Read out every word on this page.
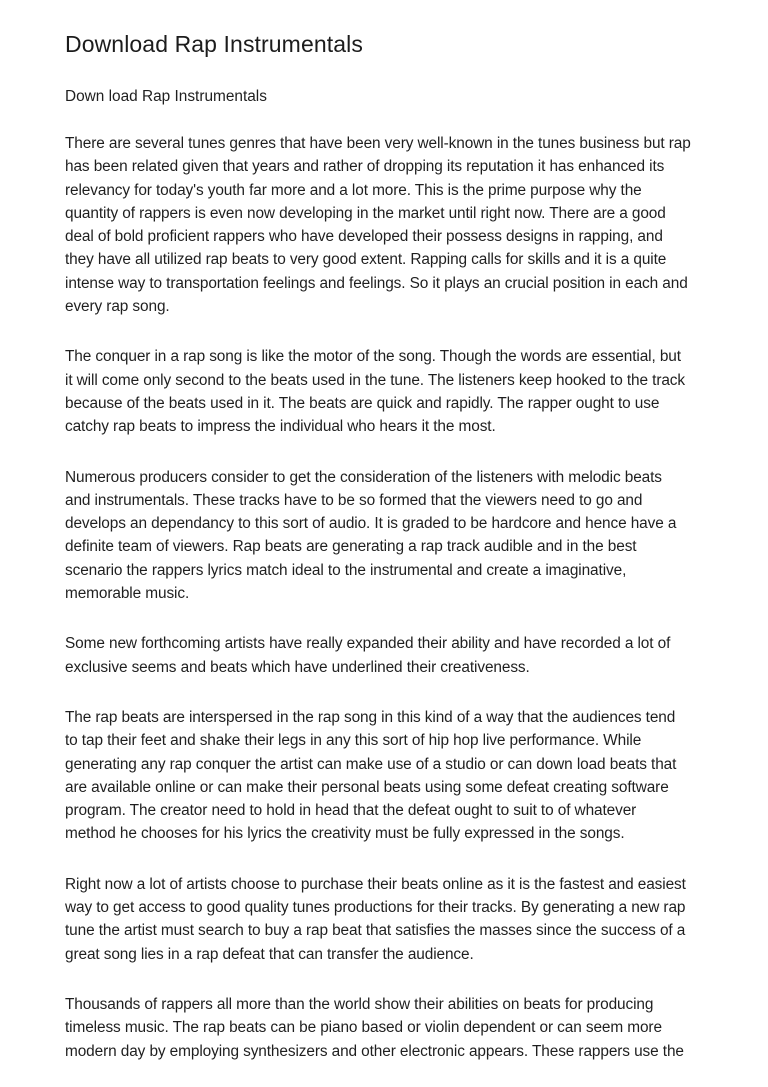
Download Rap Instrumentals

Down load Rap Instrumentals

There are several tunes genres that have been very well-known in the tunes business but rap
has been related given that years and rather of dropping its reputation it has enhanced its
relevancy for today's youth far more and a lot more. This is the prime purpose why the
quantity of rappers is even now developing in the market until right now. There are a good
deal of bold proficient rappers who have developed their possess designs in rapping, and
they have all utilized rap beats to very good extent. Rapping calls for skills and it is a quite
intense way to transportation feelings and feelings. So it plays an crucial position in each and
every rap song.
The conquer in a rap song is like the motor of the song. Though the words are essential, but
it will come only second to the beats used in the tune. The listeners keep hooked to the track
because of the beats used in it. The beats are quick and rapidly. The rapper ought to use
catchy rap beats to impress the individual who hears it the most.
Numerous producers consider to get the consideration of the listeners with melodic beats
and instrumentals. These tracks have to be so formed that the viewers need to go and
develops an dependancy to this sort of audio. It is graded to be hardcore and hence have a
definite team of viewers. Rap beats are generating a rap track audible and in the best
scenario the rappers lyrics match ideal to the instrumental and create a imaginative,
memorable music.
Some new forthcoming artists have really expanded their ability and have recorded a lot of
exclusive seems and beats which have underlined their creativeness.
The rap beats are interspersed in the rap song in this kind of a way that the audiences tend
to tap their feet and shake their legs in any this sort of hip hop live performance. While
generating any rap conquer the artist can make use of a studio or can down load beats that
are available online or can make their personal beats using some defeat creating software
program. The creator need to hold in head that the defeat ought to suit to of whatever
method he chooses for his lyrics the creativity must be fully expressed in the songs.
Right now a lot of artists choose to purchase their beats online as it is the fastest and easiest
way to get access to good quality tunes productions for their tracks. By generating a new rap
tune the artist must search to buy a rap beat that satisfies the masses since the success of a
great song lies in a rap defeat that can transfer the audience.
Thousands of rappers all more than the world show their abilities on beats for producing
timeless music. The rap beats can be piano based or violin dependent or can seem more
modern day by employing synthesizers and other electronic appears. These rappers use the
